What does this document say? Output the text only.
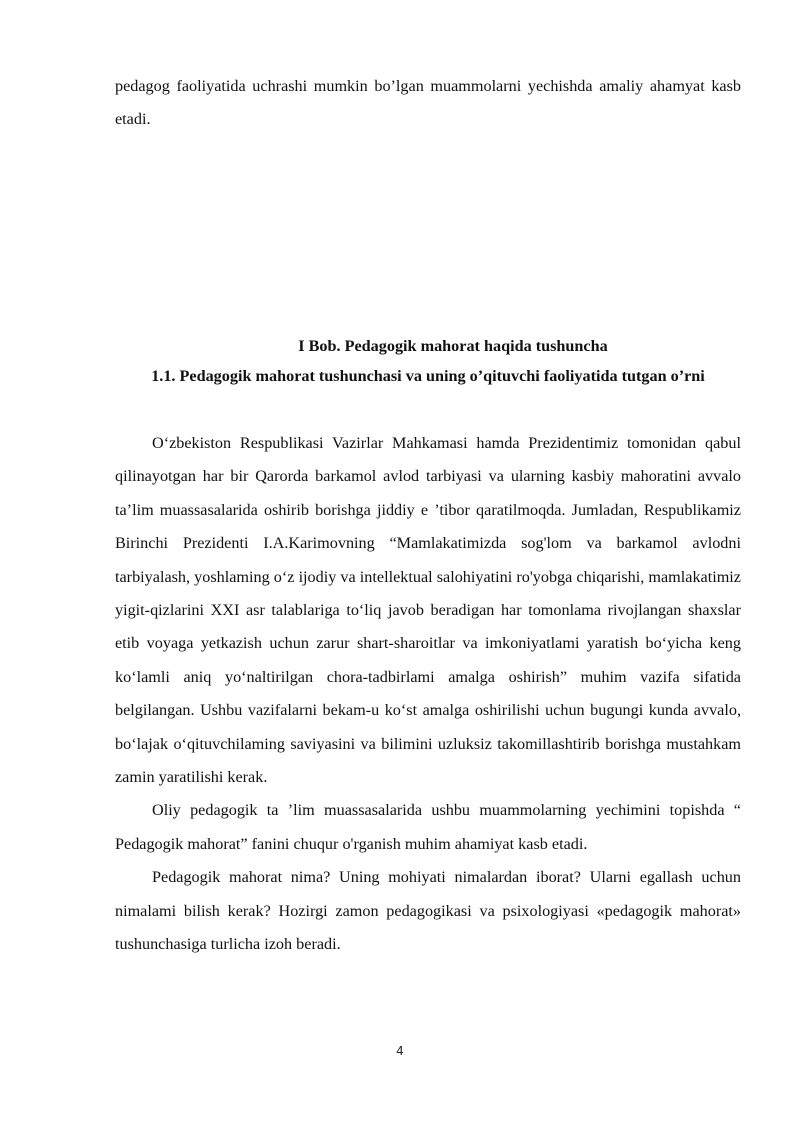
pedagog faoliyatida uchrashi mumkin bo’lgan muammolarni yechishda amaliy ahamyat kasb etadi.

I Bob. Pedagogik mahorat haqida tushuncha
1.1. Pedagogik mahorat tushunchasi va uning o’qituvchi faoliyatida tutgan o’rni

O‘zbekiston Respublikasi Vazirlar Mahkamasi hamda Prezidentimiz tomonidan qabul qilinayotgan har bir Qarorda barkamol avlod tarbiyasi va ularning kasbiy mahoratini avvalo ta’lim muassasalarida oshirib borishga jiddiy e ’tibor qaratilmoqda. Jumladan, Respublikamiz Birinchi Prezidenti I.A.Karimovning “Mamlakatimizda sog'lom va barkamol avlodni tarbiyalash, yoshlaming o‘z ijodiy va intellektual salohiyatini ro'yobga chiqarishi, mamlakatimiz yigit-qizlarini XXI asr talablariga to‘liq javob beradigan har tomonlama rivojlangan shaxslar etib voyaga yetkazish uchun zarur shart-sharoitlar va imkoniyatlami yaratish bo‘yicha keng ko‘lamli aniq yo‘naltirilgan chora-tadbirlami amalga oshirish” muhim vazifa sifatida belgilangan. Ushbu vazifalarni bekam-u ko‘st amalga oshirilishi uchun bugungi kunda avvalo, bo‘lajak o‘qituvchilaming saviyasini va bilimini uzluksiz takomillashtirib borishga mustahkam zamin yaratilishi kerak.

Oliy pedagogik ta ’lim muassasalarida ushbu muammolarning yechimini topishda “ Pedagogik mahorat” fanini chuqur o'rganish muhim ahamiyat kasb etadi.

Pedagogik mahorat nima? Uning mohiyati nimalardan iborat? Ularni egallash uchun nimalami bilish kerak? Hozirgi zamon pedagogikasi va psixologiyasi «pedagogik mahorat» tushunchasiga turlicha izoh beradi.

4
